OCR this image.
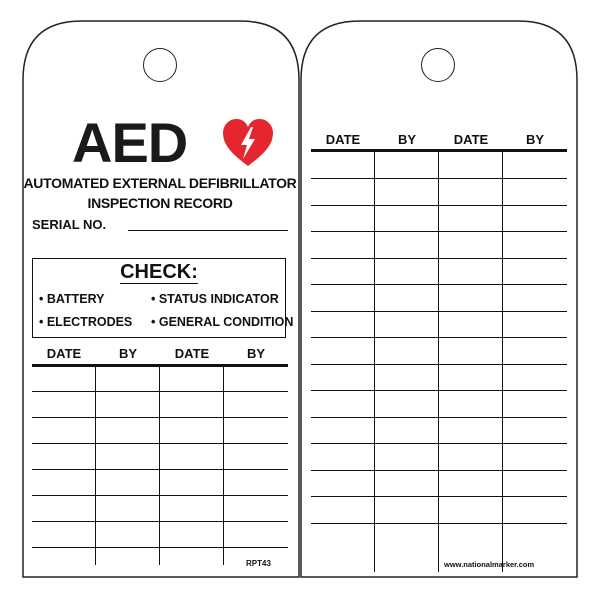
AED
AUTOMATED EXTERNAL DEFIBRILLATOR
INSPECTION RECORD
SERIAL NO.
CHECK:
• BATTERY	• STATUS INDICATOR
• ELECTRODES • GENERAL CONDITION
DATE	BY	DATE	BY
RPT43
DATE	BY	DATE	BY
www.nationalmarker.com
